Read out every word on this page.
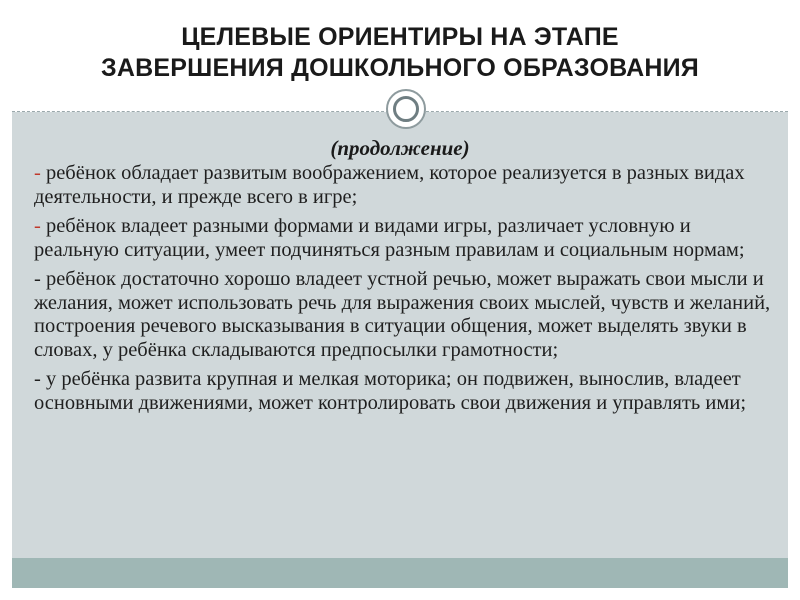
ЦЕЛЕВЫЕ ОРИЕНТИРЫ НА ЭТАПЕ
ЗАВЕРШЕНИЯ ДОШКОЛЬНОГО ОБРАЗОВАНИЯ

(продолжение)

- ребёнок обладает развитым воображением, которое реализуется в разных видах деятельности, и прежде всего в игре;
- ребёнок владеет разными формами и видами игры, различает условную и реальную ситуации, умеет подчиняться разным правилам и социальным нормам;
- ребёнок достаточно хорошо владеет устной речью, может выражать свои мысли и желания, может использовать речь для выражения своих мыслей, чувств и желаний, построения речевого высказывания в ситуации общения, может выделять звуки в словах, у ребёнка складываются предпосылки грамотности;
- у ребёнка развита крупная и мелкая моторика; он подвижен, вынослив, владеет основными движениями, может контролировать свои движения и управлять ими;
